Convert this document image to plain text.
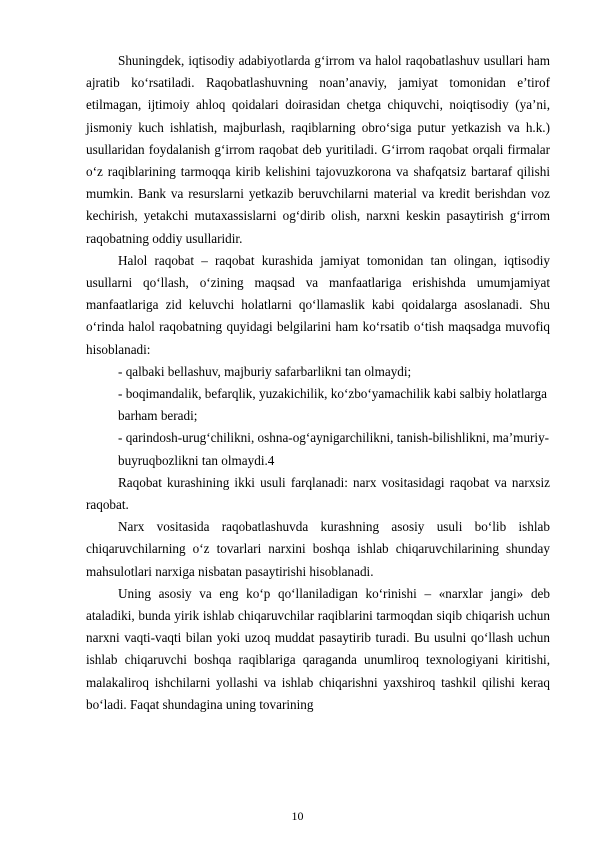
Shuningdek, iqtisodiy adabiyotlarda g‘irrom va halol raqobatlashuv usullari ham ajratib ko‘rsatiladi. Raqobatlashuvning noan’anaviy, jamiyat tomonidan e’tirof etilmagan, ijtimoiy ahloq qoidalari doirasidan chetga chiquvchi, noiqtisodiy (ya’ni, jismoniy kuch ishlatish, majburlash, raqiblarning obro‘siga putur yetkazish va h.k.) usullaridan foydalanish g‘irrom raqobat deb yuritiladi. G‘irrom raqobat orqali firmalar o‘z raqiblarining tarmoqqa kirib kelishini tajovuzkorona va shafqatsiz bartaraf qilishi mumkin. Bank va resurslarni yetkazib beruvchilarni material va kredit berishdan voz kechirish, yetakchi mutaxassislarni og‘dirib olish, narxni keskin pasaytirish g‘irrom raqobatning oddiy usullaridir.

Halol raqobat – raqobat kurashida jamiyat tomonidan tan olingan, iqtisodiy usullarni qo‘llash, o‘zining maqsad va manfaatlariga erishishda umumjamiyat manfaatlariga zid keluvchi holatlarni qo‘llamaslik kabi qoidalarga asoslanadi. Shu o‘rinda halol raqobatning quyidagi belgilarini ham ko‘rsatib o‘tish maqsadga muvofiq hisoblanadi:

- qalbaki bellashuv, majburiy safarbarlikni tan olmaydi;

- boqimandalik, befarqlik, yuzakichilik, ko‘zbo‘yamachilik kabi salbiy holatlarga barham beradi;

- qarindosh-urug‘chilikni, oshna-og‘aynigarchilikni, tanish-bilishlikni, ma’muriy-buyruqbozlikni tan olmaydi.4

Raqobat kurashining ikki usuli farqlanadi: narx vositasidagi raqobat va narxsiz raqobat.

Narx vositasida raqobatlashuvda kurashning asosiy usuli bo‘lib ishlab chiqaruvchilarning o‘z tovarlari narxini boshqa ishlab chiqaruvchilarining shunday mahsulotlari narxiga nisbatan pasaytirishi hisoblanadi.

Uning asosiy va eng ko‘p qo‘llaniladigan ko‘rinishi – «narxlar jangi» deb ataladiki, bunda yirik ishlab chiqaruvchilar raqiblarini tarmoqdan siqib chiqarish uchun narxni vaqti-vaqti bilan yoki uzoq muddat pasaytirib turadi. Bu usulni qo‘llash uchun ishlab chiqaruvchi boshqa raqiblariga qaraganda unumliroq texnologiyani kiritishi, malakaliroq ishchilarni yollashi va ishlab chiqarishni yaxshiroq tashkil qilishi keraq bo‘ladi. Faqat shundagina uning tovarining

10
